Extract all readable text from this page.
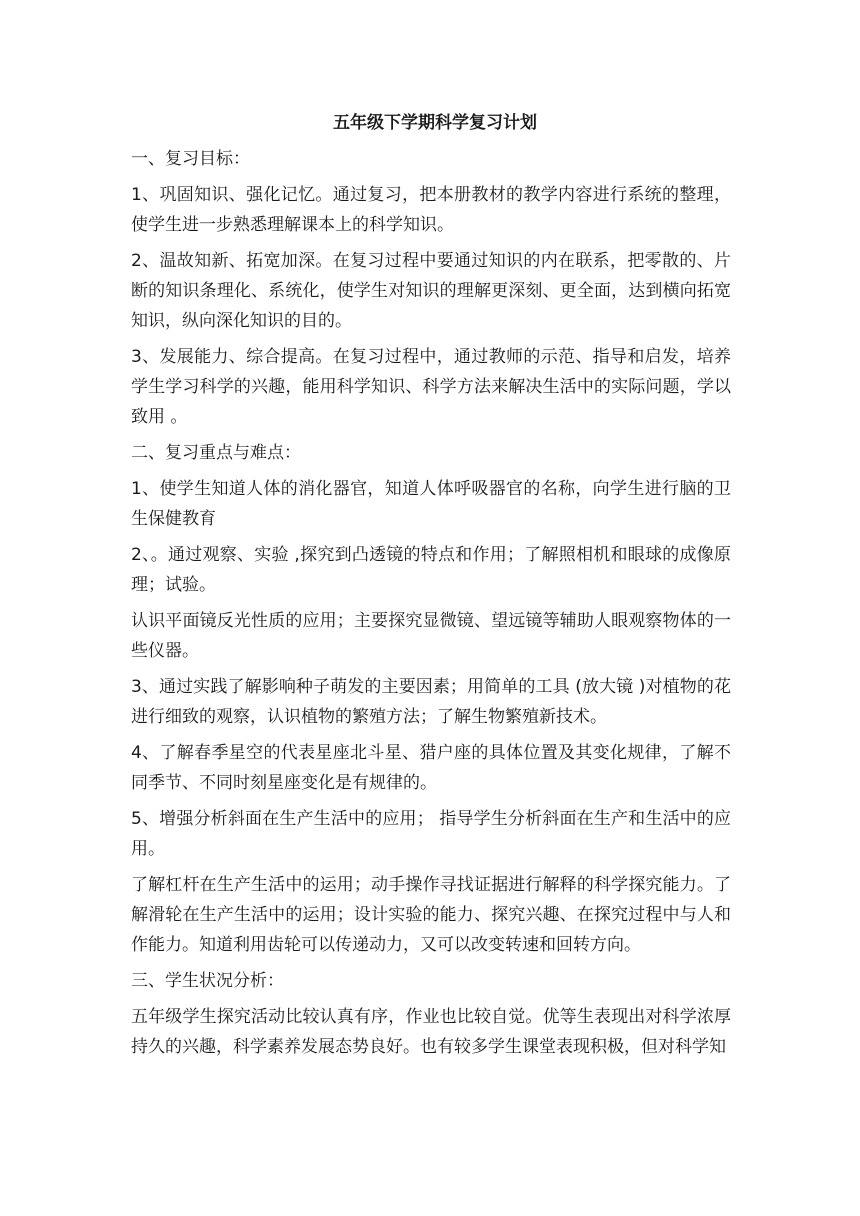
五年级下学期科学复习计划

一、复习目标：

1、巩固知识、强化记忆。通过复习，把本册教材的教学内容进行系统的整理，使学生进一步熟悉理解课本上的科学知识。

2、温故知新、拓宽加深。在复习过程中要通过知识的内在联系，把零散的、片断的知识条理化、系统化，使学生对知识的理解更深刻、更全面，达到横向拓宽知识，纵向深化知识的目的。

3、发展能力、综合提高。在复习过程中，通过教师的示范、指导和启发，培养学生学习科学的兴趣，能用科学知识、科学方法来解决生活中的实际问题，学以致用 。

二、复习重点与难点：

1、使学生知道人体的消化器官，知道人体呼吸器官的名称，向学生进行脑的卫生保健教育

2、。通过观察、实验 ,探究到凸透镜的特点和作用；了解照相机和眼球的成像原理；试验。

认识平面镜反光性质的应用；主要探究显微镜、望远镜等辅助人眼观察物体的一些仪器。

3、通过实践了解影响种子萌发的主要因素；用简单的工具 (放大镜 )对植物的花进行细致的观察，认识植物的繁殖方法；了解生物繁殖新技术。

4、了解春季星空的代表星座北斗星、猎户座的具体位置及其变化规律，了解不同季节、不同时刻星座变化是有规律的。

5、增强分析斜面在生产生活中的应用； 指导学生分析斜面在生产和生活中的应用。

了解杠杆在生产生活中的运用；动手操作寻找证据进行解释的科学探究能力。了解滑轮在生产生活中的运用；设计实验的能力、探究兴趣、在探究过程中与人和作能力。知道利用齿轮可以传递动力，又可以改变转速和回转方向。

三、学生状况分析：

五年级学生探究活动比较认真有序，作业也比较自觉。优等生表现出对科学浓厚持久的兴趣，科学素养发展态势良好。也有较多学生课堂表现积极，但对科学知
